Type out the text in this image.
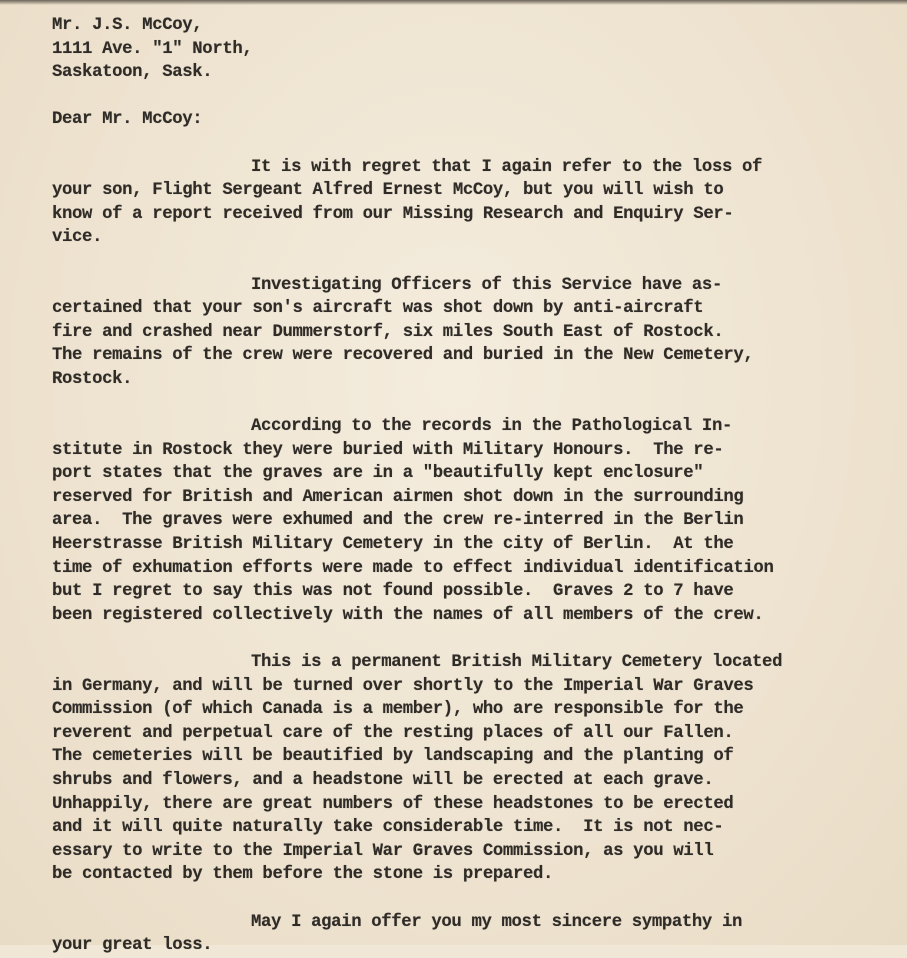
Mr. J.S. McCoy,
1111 Ave. "1" North,
Saskatoon, Sask.
Dear Mr. McCoy:
It is with regret that I again refer to the loss of
your son, Flight Sergeant Alfred Ernest McCoy, but you will wish to
know of a report received from our Missing Research and Enquiry Ser-
vice.
Investigating Officers of this Service have as-
certained that your son's aircraft was shot down by anti-aircraft
fire and crashed near Dummerstorf, six miles South East of Rostock.
The remains of the crew were recovered and buried in the New Cemetery,
Rostock.
According to the records in the Pathological In-
stitute in Rostock they were buried with Military Honours.  The re-
port states that the graves are in a "beautifully kept enclosure"
reserved for British and American airmen shot down in the surrounding
area.  The graves were exhumed and the crew re-interred in the Berlin
Heerstrasse British Military Cemetery in the city of Berlin.  At the
time of exhumation efforts were made to effect individual identification
but I regret to say this was not found possible.  Graves 2 to 7 have
been registered collectively with the names of all members of the crew.
This is a permanent British Military Cemetery located
in Germany, and will be turned over shortly to the Imperial War Graves
Commission (of which Canada is a member), who are responsible for the
reverent and perpetual care of the resting places of all our Fallen.
The cemeteries will be beautified by landscaping and the planting of
shrubs and flowers, and a headstone will be erected at each grave.
Unhappily, there are great numbers of these headstones to be erected
and it will quite naturally take considerable time.  It is not nec-
essary to write to the Imperial War Graves Commission, as you will
be contacted by them before the stone is prepared.
May I again offer you my most sincere sympathy in
your great loss.
